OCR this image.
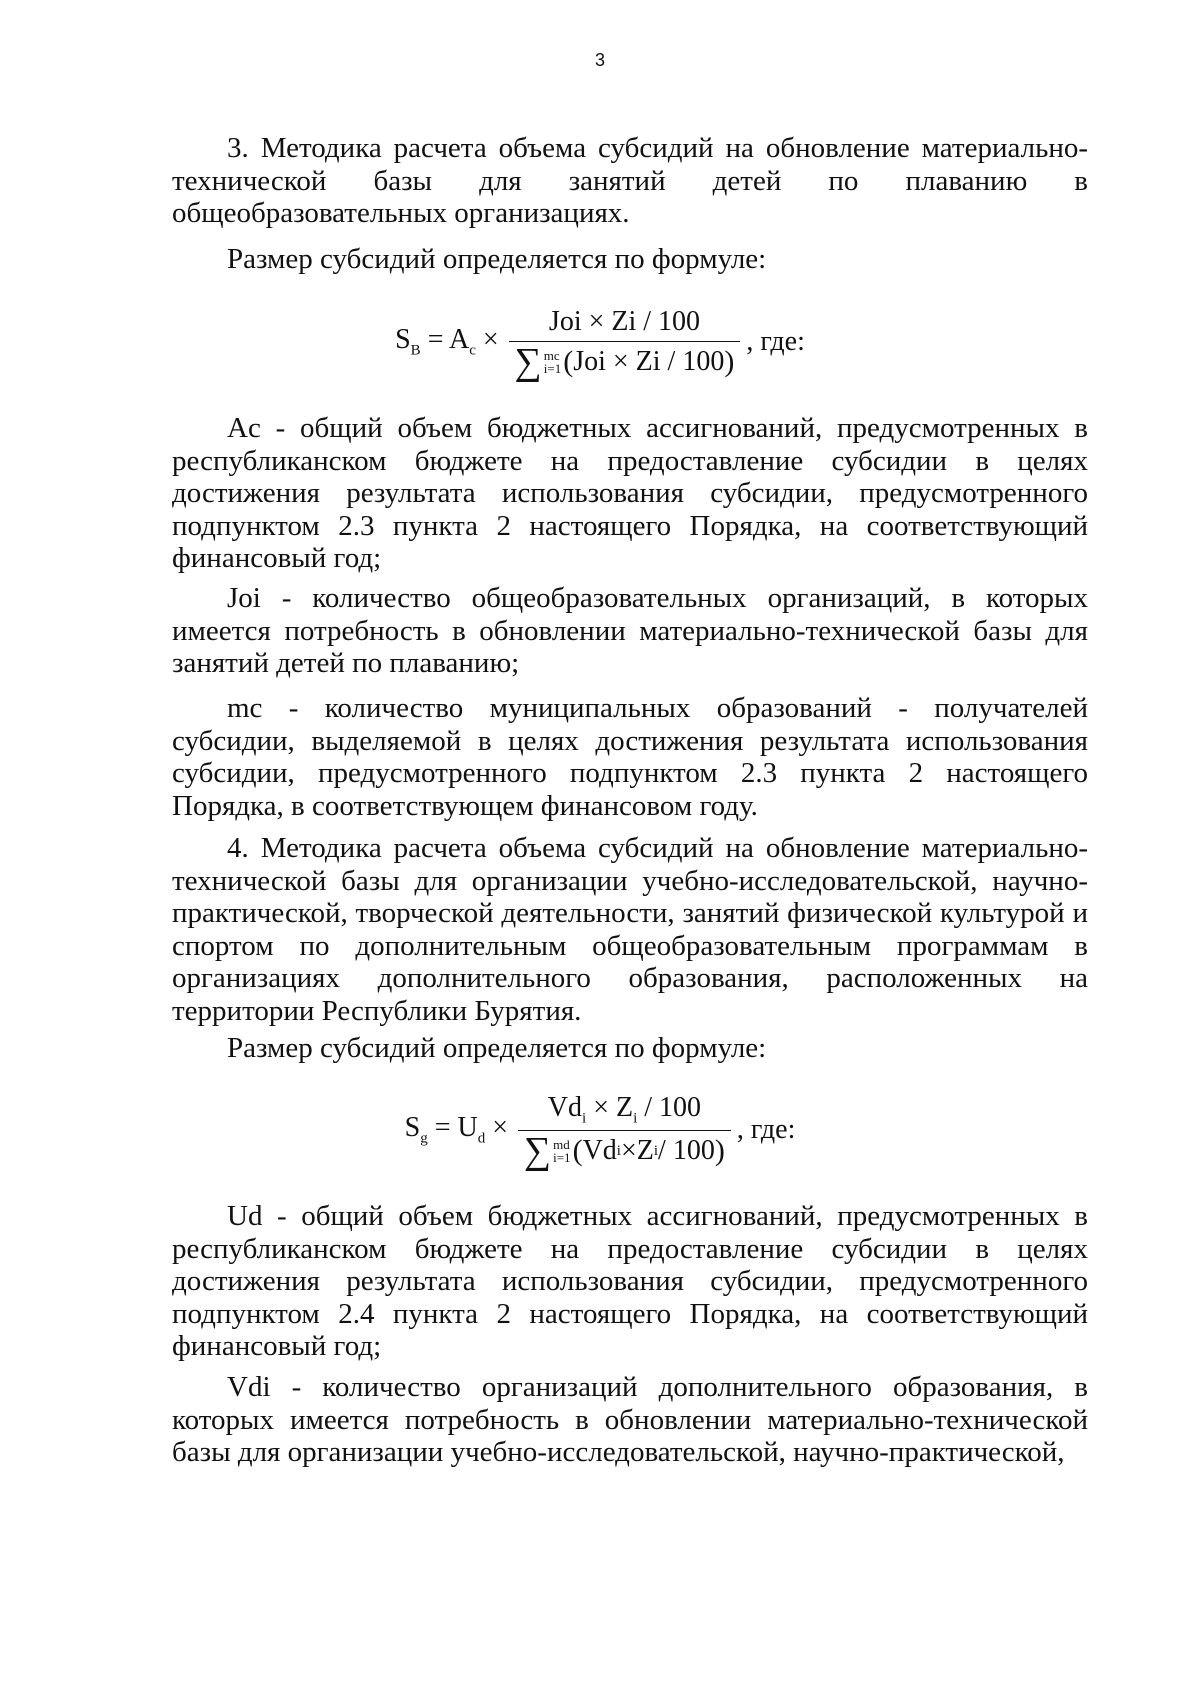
3

3. Методика расчета объема субсидий на обновление материально-технической базы для занятий детей по плаванию в общеобразовательных организациях.

Размер субсидий определяется по формуле:

$S_B = A_c$ ×
Joi × Zi / 100
∑ mc
i=1 ( Joi × Zi / 100 )
, где:

Ac - общий объем бюджетных ассигнований, предусмотренных в республиканском бюджете на предоставление субсидии в целях достижения результата использования субсидии, предусмотренного подпунктом 2.3 пункта 2 настоящего Порядка, на соответствующий финансовый год;

Joi - количество общеобразовательных организаций, в которых имеется потребность в обновлении материально-технической базы для занятий детей по плаванию;

mc - количество муниципальных образований - получателей субсидии, выделяемой в целях достижения результата использования субсидии, предусмотренного подпунктом 2.3 пункта 2 настоящего Порядка, в соответствующем финансовом году.

4. Методика расчета объема субсидий на обновление материально-технической базы для организации учебно-исследовательской, научно-практической, творческой деятельности, занятий физической культурой и спортом по дополнительным общеобразовательным программам в организациях дополнительного образования, расположенных на территории Республики Бурятия.

Размер субсидий определяется по формуле:

$S_g = U_d$ ×
$Vd_i \times Z_i / 100$
∑ md
i=1 ( Vd i × Z i / 100 )
, где:

Ud - общий объем бюджетных ассигнований, предусмотренных в республиканском бюджете на предоставление субсидии в целях достижения результата использования субсидии, предусмотренного подпунктом 2.4 пункта 2 настоящего Порядка, на соответствующий финансовый год;

Vdi - количество организаций дополнительного образования, в которых имеется потребность в обновлении материально-технической базы для организации учебно-исследовательской, научно-практической,
